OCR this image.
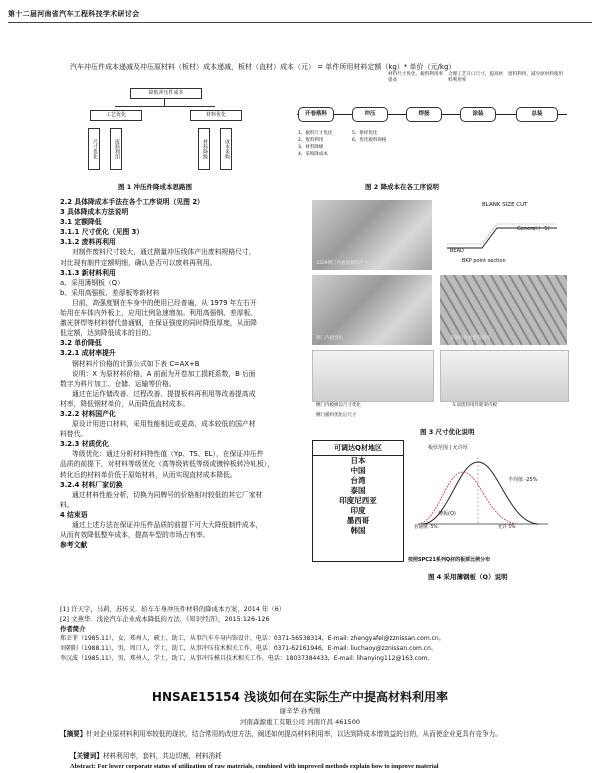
第十二届河南省汽车工程科技学术研讨会
汽车冲压件成本递减及冲压原材料（板材）成本递减，板材（直材）成本（元） = 单件所用材料定额（kg）* 单价（元/kg）
降低冲压件成本
工艺优化	材料优化
尺寸优化	废料利用	材料降级	成本采购
图 1 冲压件降成本思路图
材料尺寸优化、板料利用率提高
合理工艺开口尺寸、提高材料利用率
废料利用、减少原材料使用
开卷落料	冲压	焊接	涂装	总装
1、板料尺寸优化
2、废料利用
3、材料降级
4、采购降成本
5、排样优化
6、优化板料规格
图 2 降成本在各工序说明
2.2 具体降成本手法在各个工序说明（见图 2）
3 具体降成本方法说明
3.1 定额降低
3.1.1 尺寸优化（见图 3）
3.1.2 废料再利用
对制件废料尺寸较大，通过测量冲压线体产出废料规格尺寸，
对比现有制件定额明细，确认是否可以废料再利用。
3.1.3 新材料利用
a、采用薄钢板（Q）
b、采用高强板、差厚板等新材料
目前，高强度钢在车身中的使用已经普遍，从 1979 年左右开
始用在车体内外板上，应用比例急速增加。利用高强钢、差厚板、
激光拼焊等材料替代普通钢，在保证强度的同时降低厚度，从而降
低定额，达到降低成本的目的。
3.2 单价降低
3.2.1 成材率提升
钢材料片价格的计算公式如下表 C=AX+B
说明：X 为原材料价格，A 前面为开卷加工损耗系数，B 后面
数字为料片加工、仓储、运输等价格。
通过在运作储改善、过程改善、提提板料再利用等改善提高成
材率，降低钢材单价，从而降低直材成本。
3.2.2 材料国产化
原设计用进口材料，采用性能相近或更高、成本较低的国产材
料替代。
3.2.3 材质优化
等级优化：通过分析材料特性值（Yp、TS、EL），在保证冲压件
品质的前提下，对材料等级优化（高等级转低等级或镀锌板转冷轧板），
转化后的材料单价低于原始材料，从而实现直材成本降低。
3.2.4 材料厂家切换
通过材料性能分析，切换为同牌号的价格相对较低的其它厂家材
料。
4 结束语
通过上述方法在保证冲压件品质的前提下可大大降低制件成本，
从而有效降低整车成本，提高车型的市场占有率。
参考文献
[1] 许天宇，马莉，苏传义．轿车车身冲压件材料的降成本方案，2014 年（6）
[2] 文燕华．浅论汽车企业成本降低的方法．《知识经济》，2015:126-126
作者简介
郑幸菲（1985.11），女，郑州人，硕士，助工，从事汽车车身内饰设计，电话：0371-56538314，E-mail: zhengyafei@zznissan.com.cn。
刘朝阳（1988.11），男，周口人，学士，助工，从事冲压技术相关工作，电话：0371-62161946，E-mail: liuchaoy@zznissan.com.cn。
李汉波（1985.11），男，郑州人，学士，助工，从事冲压模具技术相关工作，电话：18037384433，E-mail: lihanying112@163.com。
3328侧门内板原板料尺寸
BLANK SIZE CUT
General (−5)
BEAD
BKP point section
侧门内板废料	轮罩内外板废料利用
侧门内板修边尺寸优化	车顶废料用作轮罩内板
侧门板料优化后尺寸
图 3 尺寸优化说明
可调达Q材地区
日本
中国
台湾
泰国
印度尼西亚
印度
墨西哥
韩国
板厚范围 | 允许厚
半均值 -25%
薄板(Q)
普通钢 -5%	允许 5%
按照SPC21系列Q材的板厚比例分布
图 4 采用薄钢板（Q）说明
HNSAE15154 浅谈如何在实际生产中提高材料利用率
谢辛华 孙秀刚
河南森源重工有限公司 河南许昌 461500
【摘要】针对企业原材料利用率较低的现状，结合常用的改进方法，阐述如何提高材料利用率，以达到降成本增效益的目的，从而使企业更具有竞争力。
【关键词】材料利用率，套料，共边切割，材料消耗
Abstract: For lower corporate status of utilization of raw materials, combined with improved methods explain how to improve material
